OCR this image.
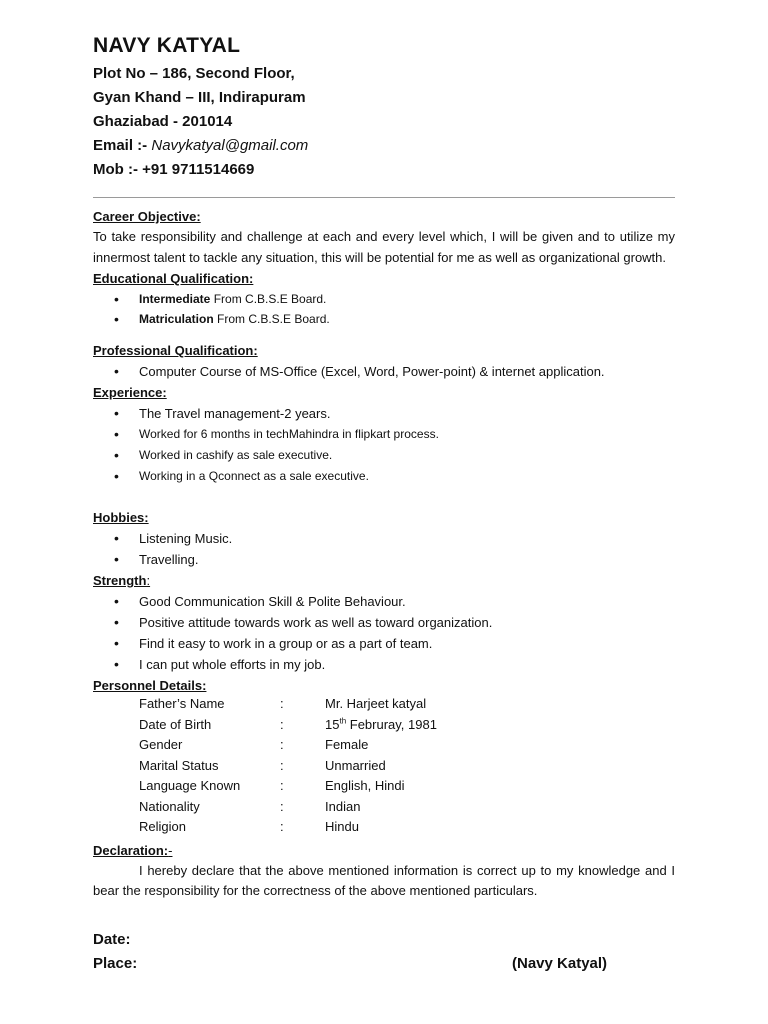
NAVY KATYAL
Plot No – 186, Second Floor,
Gyan Khand – III, Indirapuram
Ghaziabad - 201014
Email :- Navykatyal@gmail.com
Mob :- +91 9711514669
Career Objective:
To take responsibility and challenge at each and every level which, I will be given and to utilize my innermost talent to tackle any situation, this will be potential for me as well as organizational growth.
Educational Qualification:
• Intermediate From C.B.S.E Board.
• Matriculation From C.B.S.E Board.
Professional Qualification:
• Computer Course of MS-Office (Excel, Word, Power-point) & internet application.
Experience:
• The Travel management-2 years.
• Worked for 6 months in techMahindra in flipkart process.
• Worked in cashify as sale executive.
• Working in a Qconnect as a sale executive.
Hobbies:
• Listening Music.
• Travelling.
Strength:
• Good Communication Skill & Polite Behaviour.
• Positive attitude towards work as well as toward organization.
• Find it easy to work in a group or as a part of team.
• I can put whole efforts in my job.
Personnel Details:
Father’s Name	:	Mr. Harjeet katyal
Date of Birth	:	15th Februray, 1981
Gender	:	Female
Marital Status	:	Unmarried
Language Known	:	English, Hindi
Nationality	:	Indian
Religion	:	Hindu
Declaration:-
I hereby declare that the above mentioned information is correct up to my knowledge and I bear the responsibility for the correctness of the above mentioned particulars.
Date:
Place:	(Navy Katyal)
